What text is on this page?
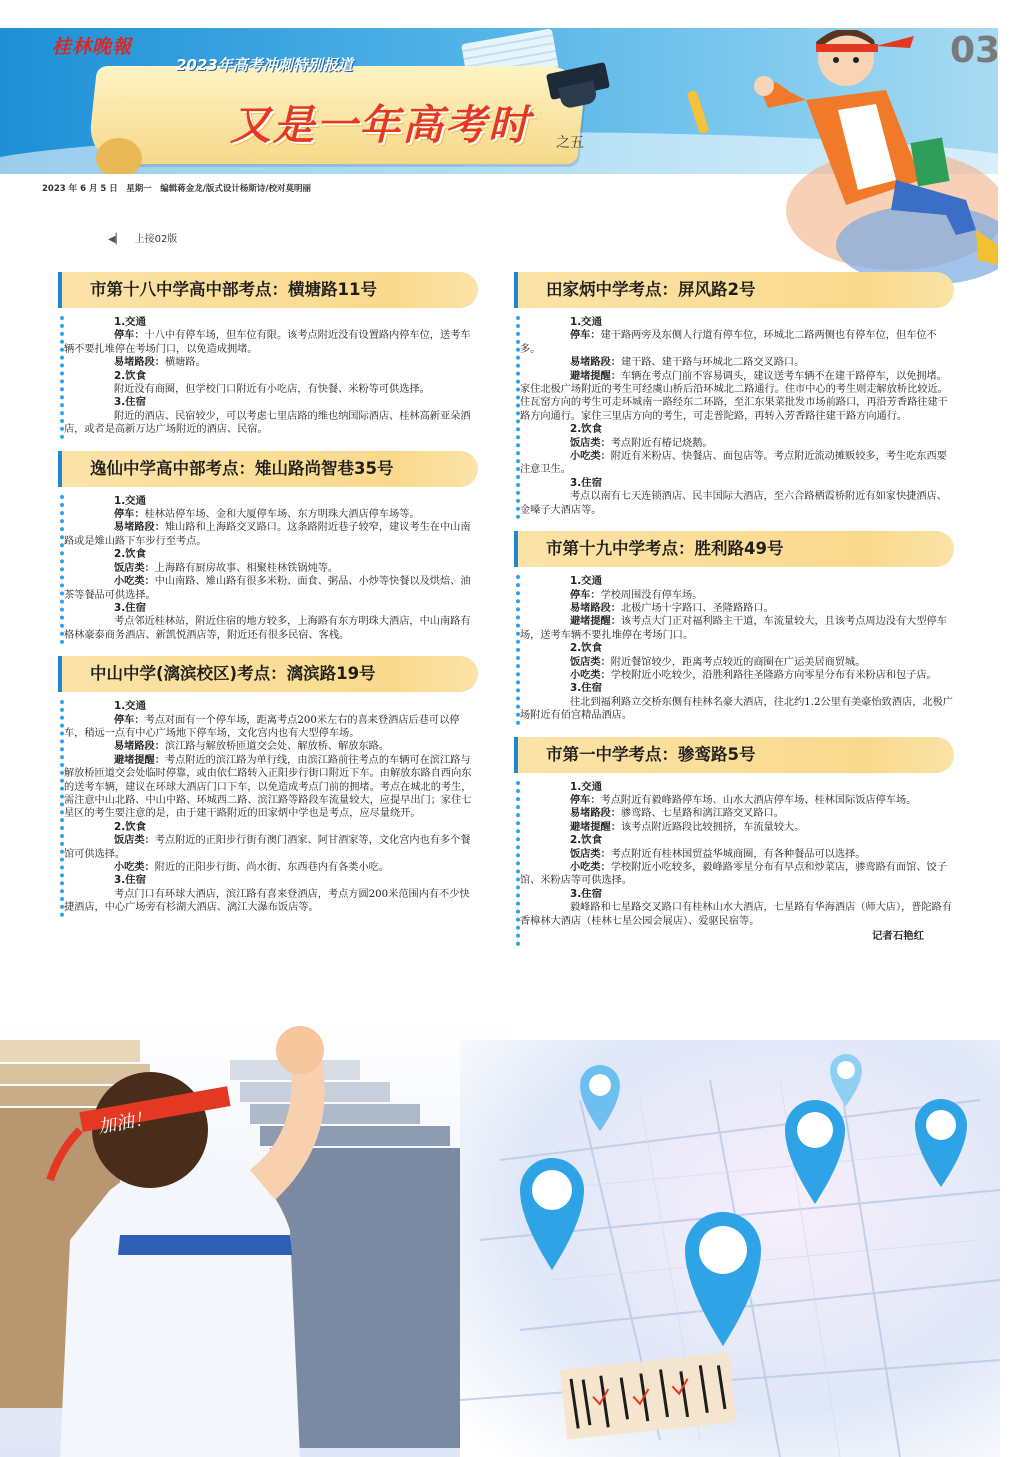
桂林晚報
2023年高考冲刺特别报道
又是一年高考时 之五
03
2023 年 6 月 5 日　星期一　编辑蒋金龙/版式设计杨斯诗/校对莫明丽
◀▏ 上接02版
市第十八中学高中部考点：横塘路11号
1.交通
停车：十八中有停车场，但车位有限。该考点附近没有设置路内停车位，送考车辆不要扎堆停在考场门口，以免造成拥堵。
易堵路段：横塘路。
2.饮食
附近没有商圈，但学校门口附近有小吃店，有快餐、米粉等可供选择。
3.住宿
附近的酒店、民宿较少，可以考虑七里店路的维也纳国际酒店、桂林高新亚朵酒店，或者是高新万达广场附近的酒店、民宿。
逸仙中学高中部考点：雉山路尚智巷35号
1.交通
停车：桂林站停车场、金和大厦停车场、东方明珠大酒店停车场等。
易堵路段：雉山路和上海路交叉路口。这条路附近巷子较窄，建议考生在中山南路或是雉山路下车步行至考点。
2.饮食
饭店类：上海路有厨房故事、相聚桂林铁锅炖等。
小吃类：中山南路、雉山路有很多米粉、面食、粥品、小炒等快餐以及烘焙、油茶等餐品可供选择。
3.住宿
考点邻近桂林站，附近住宿的地方较多，上海路有东方明珠大酒店，中山南路有格林豪泰商务酒店、新凯悦酒店等，附近还有很多民宿、客栈。
中山中学(漓滨校区)考点：漓滨路19号
1.交通
停车：考点对面有一个停车场，距离考点200米左右的喜来登酒店后巷可以停车，稍远一点有中心广场地下停车场，文化宫内也有大型停车场。
易堵路段：滨江路与解放桥匝道交会处、解放桥、解放东路。
避堵提醒：考点附近的滨江路为单行线，由滨江路前往考点的车辆可在滨江路与解放桥匝道交会处临时停靠，或由依仁路转入正阳步行街口附近下车。由解放东路自西向东的送考车辆，建议在环球大酒店门口下车，以免造成考点门前的拥堵。考点在城北的考生，需注意中山北路、中山中路、环城西二路、滨江路等路段车流量较大，应提早出门；家住七星区的考生要注意的是，由于建干路附近的田家炳中学也是考点，应尽量绕开。
2.饮食
饭店类：考点附近的正阳步行街有澳门酒家、阿甘酒家等，文化宫内也有多个餐馆可供选择。
小吃类：附近的正阳步行街、尚水街、东西巷内有各类小吃。
3.住宿
考点门口有环球大酒店，滨江路有喜来登酒店，考点方圆200米范围内有不少快捷酒店，中心广场旁有杉湖大酒店、漓江大瀑布饭店等。
田家炳中学考点：屏风路2号
1.交通
停车：建干路两旁及东侧人行道有停车位，环城北二路两侧也有停车位，但车位不多。
易堵路段：建干路、建干路与环城北二路交叉路口。
避堵提醒：车辆在考点门前不容易调头，建议送考车辆不在建干路停车，以免拥堵。家住北极广场附近的考生可经虞山桥后沿环城北二路通行。住市中心的考生则走解放桥比较近。住瓦窑方向的考生可走环城南一路经东二环路，至汇东果菜批发市场前路口，再沿芳香路往建干路方向通行。家住三里店方向的考生，可走普陀路，再转入芳香路往建干路方向通行。
2.饮食
饭店类：考点附近有椿记烧鹅。
小吃类：附近有米粉店、快餐店、面包店等。考点附近流动摊贩较多，考生吃东西要注意卫生。
3.住宿
考点以南有七天连锁酒店、民丰国际大酒店，至六合路栖霞桥附近有如家快捷酒店、金嗓子大酒店等。
市第十九中学考点：胜利路49号
1.交通
停车：学校周围没有停车场。
易堵路段：北极广场十字路口、圣隆路路口。
避堵提醒：该考点大门正对福利路主干道，车流量较大，且该考点周边没有大型停车场，送考车辆不要扎堆停在考场门口。
2.饮食
饭店类：附近餐馆较少，距离考点较近的商圈在广运美居商贸城。
小吃类：学校附近小吃较少，沿胜利路往圣隆路方向零星分布有米粉店和包子店。
3.住宿
往北到福利路立交桥东侧有桂林名豪大酒店，往北约1.2公里有美豪怡致酒店，北极广场附近有佰宫精品酒店。
市第一中学考点：骖鸾路5号
1.交通
停车：考点附近有毅峰路停车场、山水大酒店停车场、桂林国际饭店停车场。
易堵路段：骖鸾路、七星路和漓江路交叉路口。
避堵提醒：该考点附近路段比较拥挤，车流量较大。
2.饮食
饭店类：考点附近有桂林国贸益华城商圈，有各种餐品可以选择。
小吃类：学校附近小吃较多，毅峰路零星分布有早点和炒菜店，骖鸾路有面馆、饺子馆、米粉店等可供选择。
3.住宿
毅峰路和七星路交叉路口有桂林山水大酒店，七星路有华海酒店（师大店），普陀路有香樟林大酒店（桂林七星公园会展店）、爱驱民宿等。
记者石艳红
加油！
